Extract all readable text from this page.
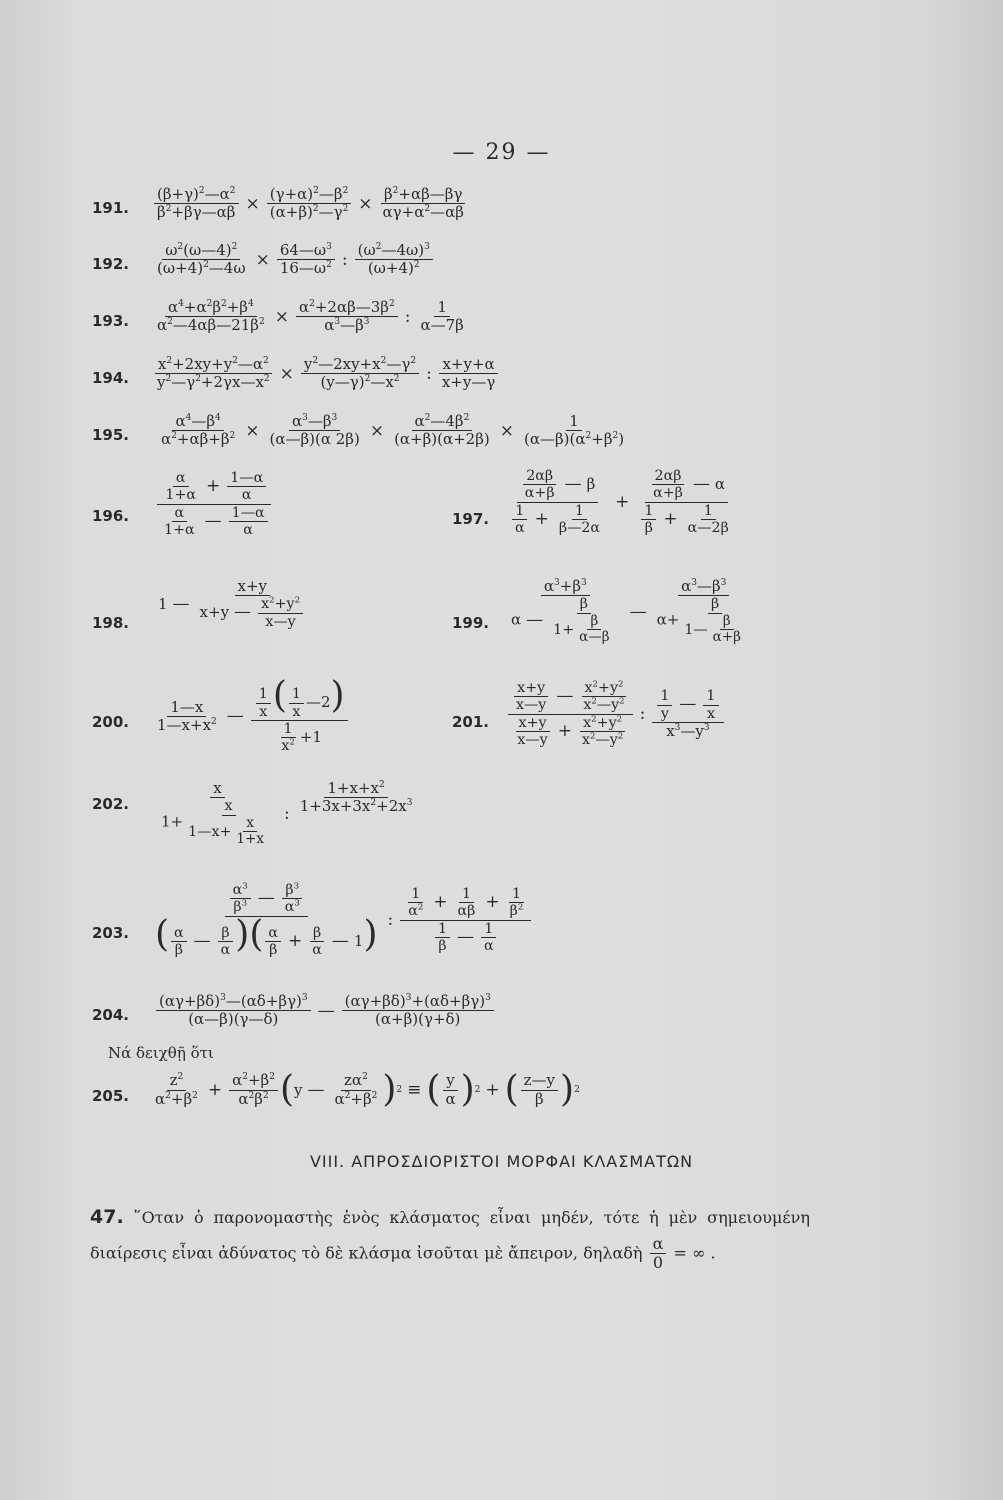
— 29 —
191. $\frac{(\beta+\gamma)^2—\alpha^2}{\beta^2+\beta\gamma—\alpha\beta} \times \frac{(\gamma+\alpha)^2—\beta^2}{(\alpha+\beta)^2—\gamma^2} \times \frac{\beta^2+\alpha\beta—\beta\gamma}{\alpha\gamma+\alpha^2—\alpha\beta}$
192. $\frac{\omega^2(\omega—4)^2}{(\omega+4)^2—4\omega} \times \frac{64—\omega^3}{16—\omega^2}$ : $\frac{(\omega^2—4\omega)^3}{(\omega+4)^2}$
193. $\frac{\alpha^4+\alpha^2\beta^2+\beta^4}{\alpha^2—4\alpha\beta—21\beta^2} \times \frac{\alpha^2+2\alpha\beta—3\beta^2}{\alpha^3—\beta^3}$ : $\frac{1}{\alpha—7\beta}$
194. $\frac{x^2+2xy+y^2—\alpha^2}{y^2—\gamma^2+2\gamma x—x^2} \times \frac{y^2—2xy+x^2—\gamma^2}{(y—\gamma)^2—x^2}$ : $\frac{x+y+\alpha}{x+y—\gamma}$
195. $\frac{\alpha^4—\beta^4}{\alpha^2+\alpha\beta+\beta^2} \times \frac{\alpha^3—\beta^3}{(\alpha—\beta)(\alpha 2\beta)} \times \frac{\alpha^2—4\beta^2}{(\alpha+\beta)(\alpha+2\beta)} \times \frac{1}{(\alpha—\beta)(\alpha^2+\beta^2)}$
196. $\frac{\frac{\alpha}{1+\alpha} + \frac{1—\alpha}{\alpha}}{\frac{\alpha}{1+\alpha} — \frac{1—\alpha}{\alpha}}$	197. $\frac{\frac{2\alpha\beta}{\alpha+\beta} — \beta}{\frac{1}{\alpha} + \frac{1}{\beta—2\alpha}} + \frac{\frac{2\alpha\beta}{\alpha+\beta} — \alpha}{\frac{1}{\beta} + \frac{1}{\alpha—2\beta}}$
198.
1 — $\frac{x+y}{x+y — \frac{x^2+y^2}{x—y}}$	199. $\frac{\alpha^3+\beta^3}{\alpha — \frac{\beta}{1+ \frac{\beta}{\alpha—\beta}}}$ — $\frac{\alpha^3—\beta^3}{\alpha+ \frac{\beta}{1— \frac{\beta}{\alpha+\beta}}}$
200. $\frac{1—x}{1—x+x^2}$ — $\frac{\frac{1}{x} ( \frac{1}{x} —2)}{\frac{1}{x^2} +1}$	201. $\frac{\frac{x+y}{x—y} — \frac{x^2+y^2}{x^2—y^2}}{\frac{x+y}{x—y} + \frac{x^2+y^2}{x^2—y^2}}$ : $\frac{\frac{1}{y} — \frac{1}{x}}{x^3—y^3}$
202. $\frac{x}{1+ \frac{x}{1—x+ \frac{x}{1+x}}}$ : $\frac{1+x+x^2}{1+3x+3x^2+2x^3}$
203. $\frac{\frac{\alpha^3}{\beta^3} — \frac{\beta^3}{\alpha^3}}{( \frac{\alpha}{\beta} — \frac{\beta}{\alpha} )( \frac{\alpha}{\beta} + \frac{\beta}{\alpha} — 1)}$ : $\frac{\frac{1}{\alpha^2} + \frac{1}{\alpha\beta} + \frac{1}{\beta^2}}{\frac{1}{\beta} — \frac{1}{\alpha}}$
204. $\frac{(\alpha\gamma+\beta\delta)^3—(\alpha\delta+\beta\gamma)^3}{(\alpha—\beta)(\gamma—\delta)}$ — $\frac{(\alpha\gamma+\beta\delta)^3+(\alpha\delta+\beta\gamma)^3}{(\alpha+\beta)(\gamma+\delta)}$
Νά δειχθῇ ὅτι
205. $\frac{z^2}{\alpha^2+\beta^2} + \frac{\alpha^2+\beta^2}{\alpha^2\beta^2}$ ( y — $\frac{z\alpha^2}{\alpha^2+\beta^2}$ ) 2 ≡ ( $\frac{y}{\alpha}$ ) 2 + ( $\frac{z—y}{\beta}$ ) 2
VIII. ΑΠΡΟΣΔΙΟΡΙΣΤΟΙ ΜΟΡΦΑΙ ΚΛΑΣΜΑΤΩΝ
47. ῞Οταν ὁ παρονομαστὴς ἑνὸς κλάσματος εἶναι μηδέν, τότε ἡ μὲν σημειουμένη διαίρεσις εἶναι ἀδύνατος τὸ δὲ κλάσμα ἰσοῦται μὲ ἄπειρον, δηλαδὴ $\frac{\alpha}{0}$ = ∞ .
